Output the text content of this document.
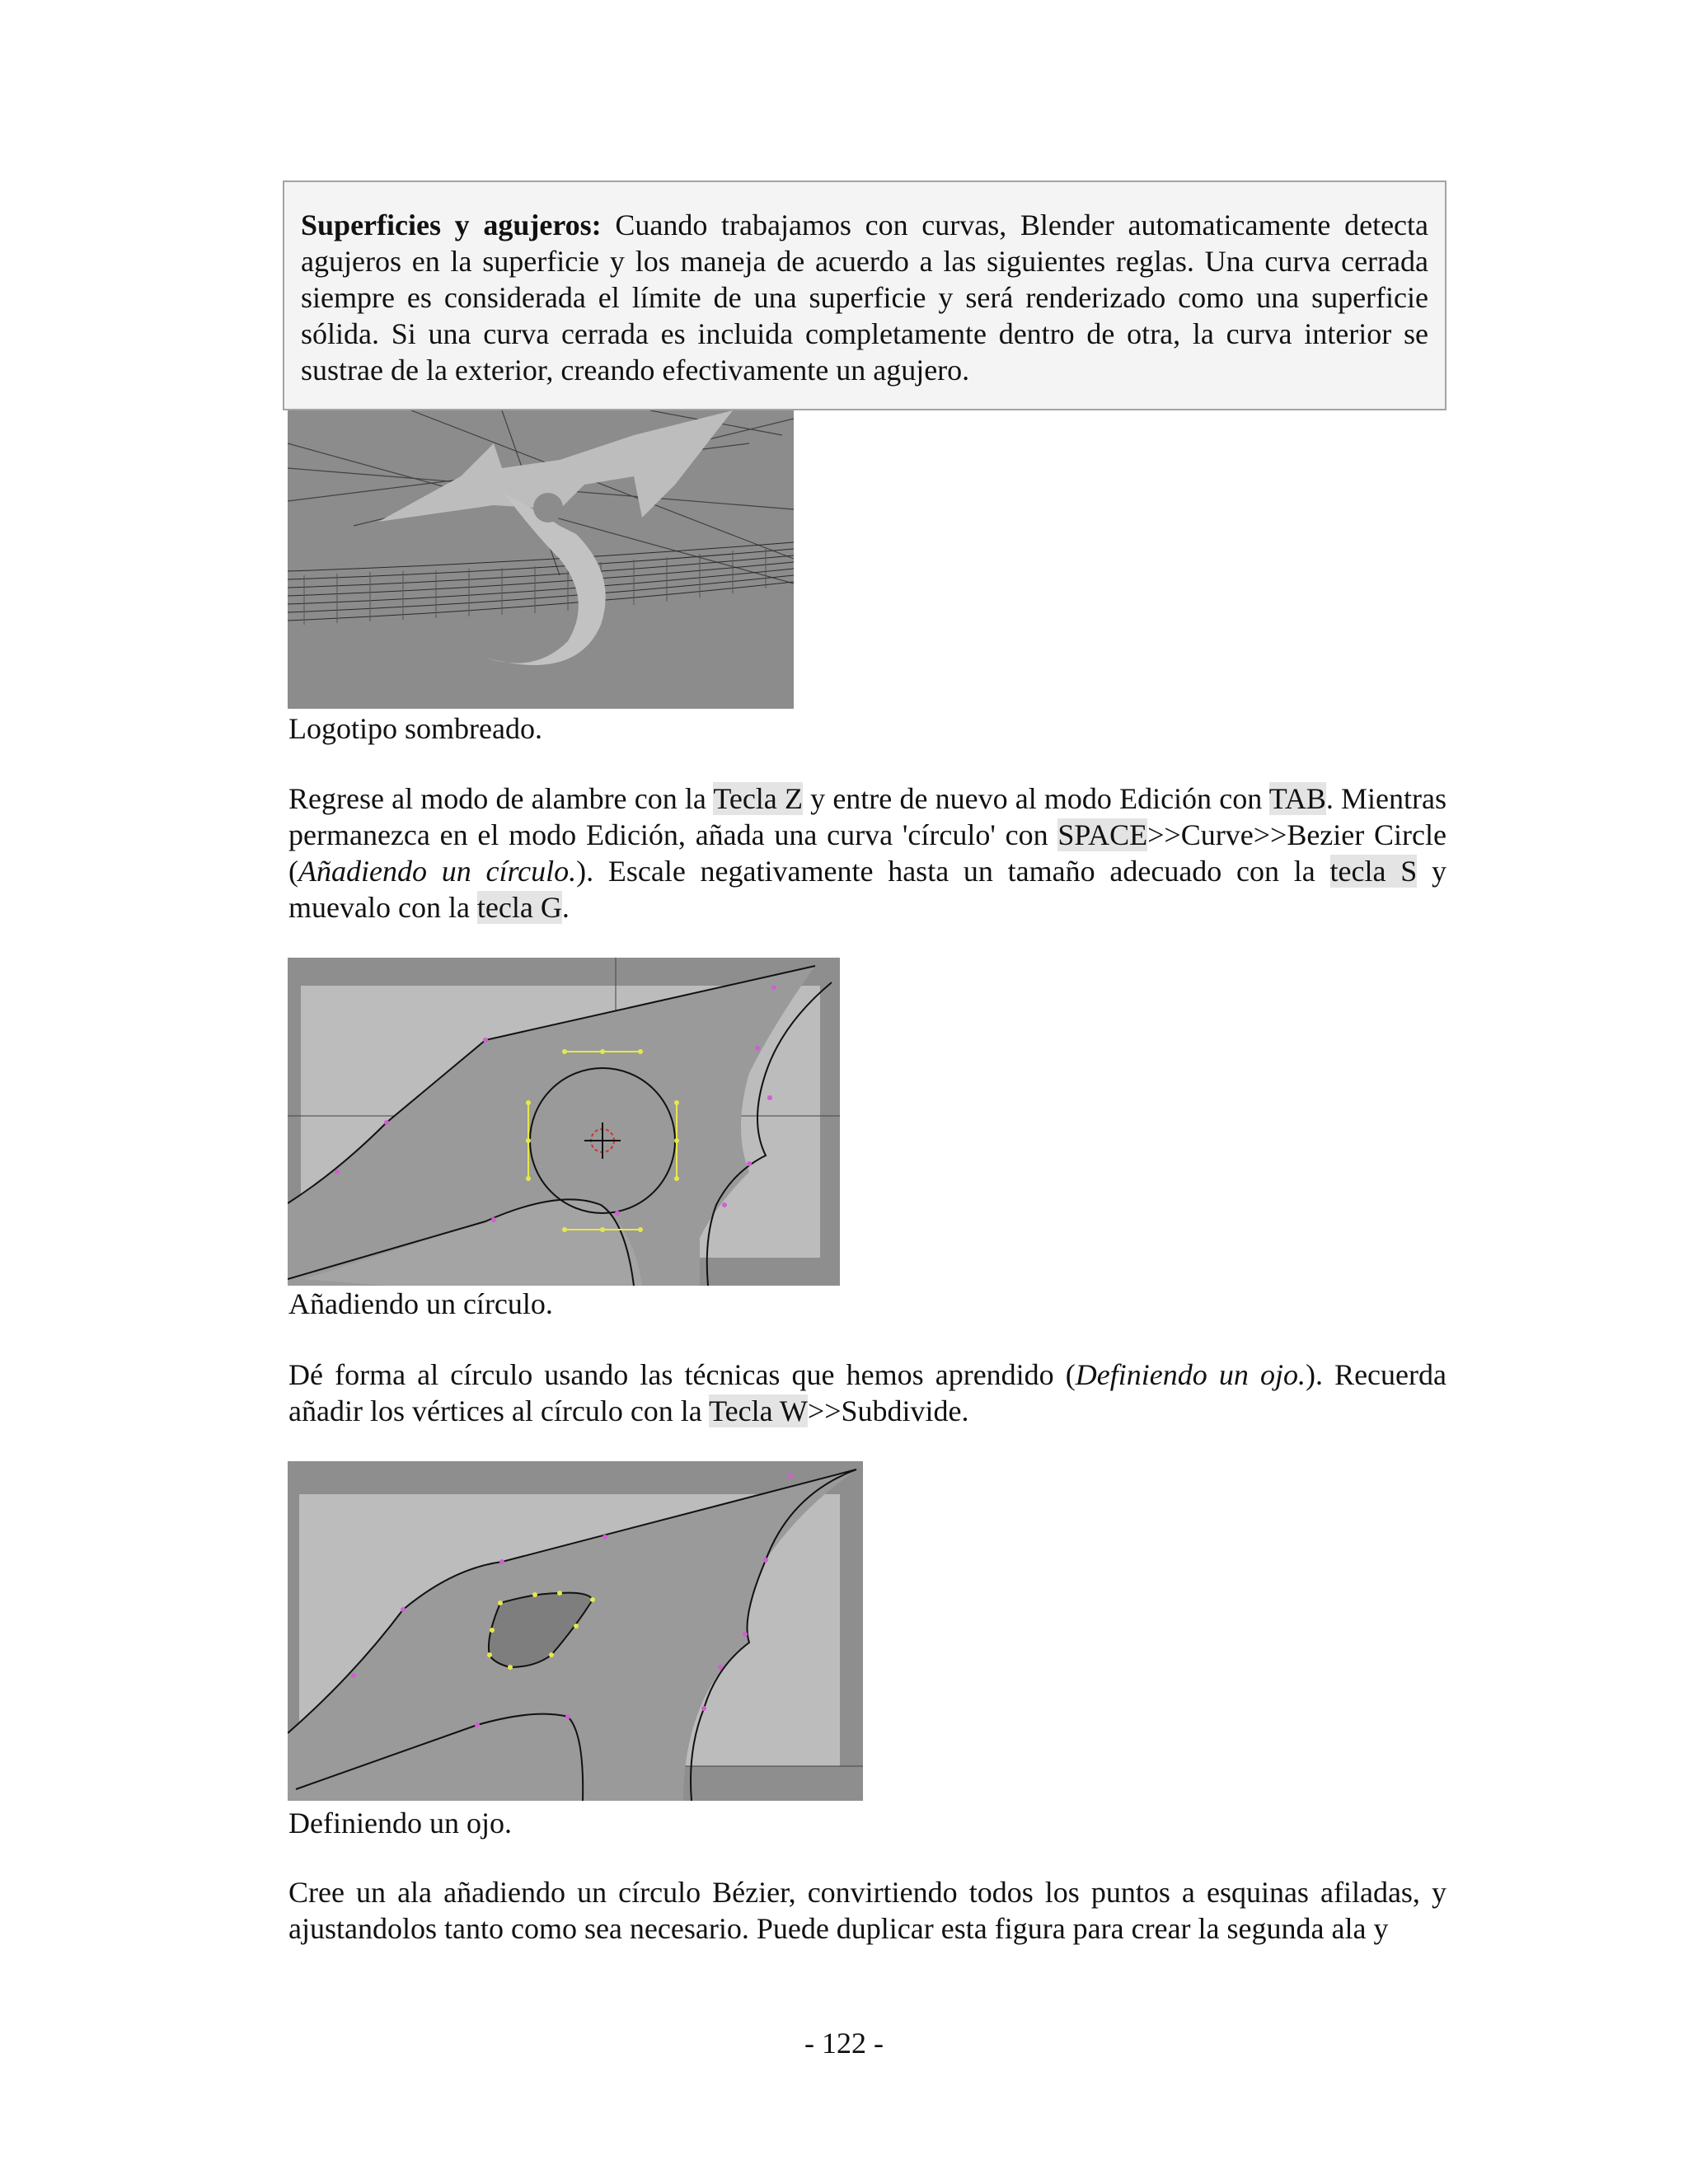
Superficies y agujeros: Cuando trabajamos con curvas, Blender automaticamente detecta agujeros en la superficie y los maneja de acuerdo a las siguientes reglas. Una curva cerrada siempre es considerada el límite de una superficie y será renderizado como una superficie sólida. Si una curva cerrada es incluida completamente dentro de otra, la curva interior se sustrae de la exterior, creando efectivamente un agujero.
Logotipo sombreado.
Regrese al modo de alambre con la Tecla Z y entre de nuevo al modo Edición con TAB. Mientras permanezca en el modo Edición, añada una curva 'círculo' con SPACE>>Curve>>Bezier Circle (Añadiendo un círculo.). Escale negativamente hasta un tamaño adecuado con la tecla S y muevalo con la tecla G.
Añadiendo un círculo.
Dé forma al círculo usando las técnicas que hemos aprendido (Definiendo un ojo.). Recuerda añadir los vértices al círculo con la Tecla W>>Subdivide.
Definiendo un ojo.
Cree un ala añadiendo un círculo Bézier, convirtiendo todos los puntos a esquinas afiladas, y ajustandolos tanto como sea necesario. Puede duplicar esta figura para crear la segunda ala y
- 122 -
